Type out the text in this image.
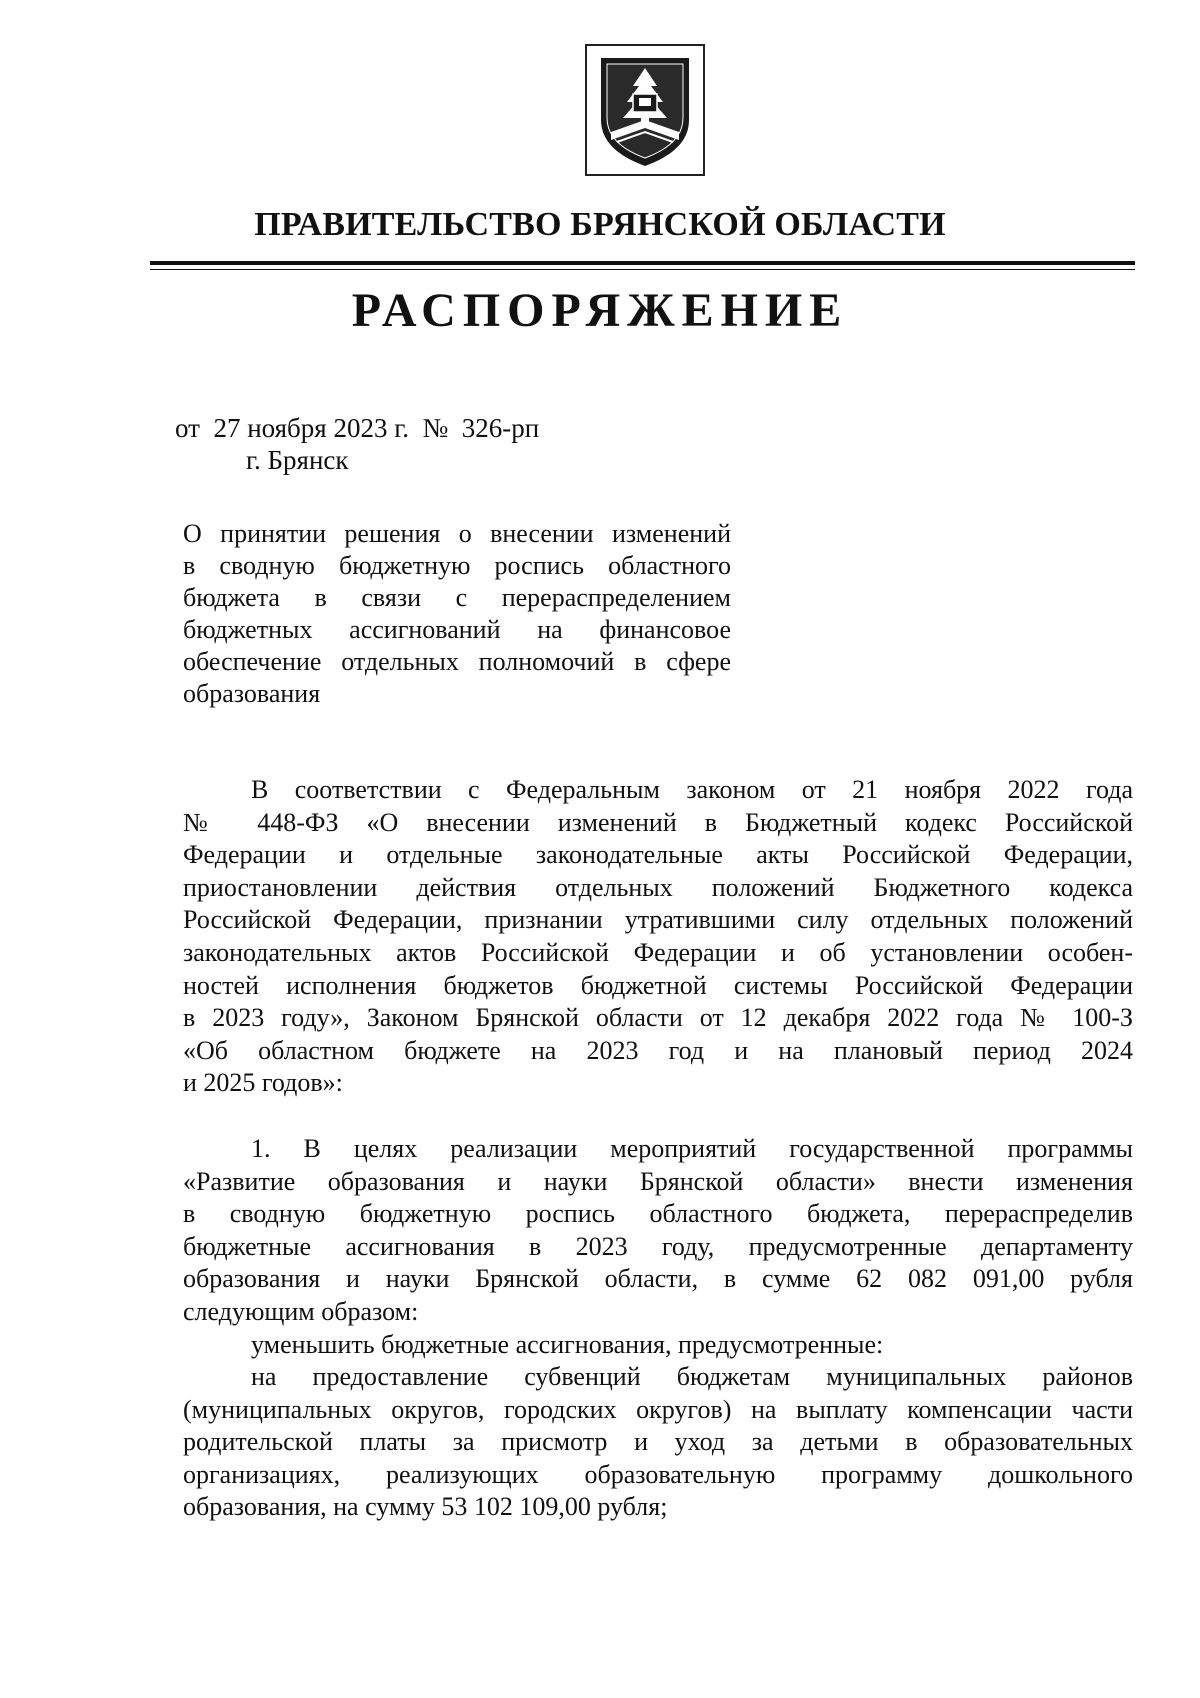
ПРАВИТЕЛЬСТВО БРЯНСКОЙ ОБЛАСТИ
РАСПОРЯЖЕНИЕ
от  27 ноября 2023 г.  №  326-рп
г. Брянск
О принятии решения о внесении изменений
в сводную бюджетную роспись областного
бюджета в связи с перераспределением
бюджетных ассигнований на финансовое
обеспечение отдельных полномочий в сфере
образования
В соответствии с Федеральным законом от 21 ноября 2022 года
№ 448-ФЗ «О внесении изменений в Бюджетный кодекс Российской
Федерации и отдельные законодательные акты Российской Федерации,
приостановлении действия отдельных положений Бюджетного кодекса
Российской Федерации, признании утратившими силу отдельных положений
законодательных актов Российской Федерации и об установлении особен-
ностей исполнения бюджетов бюджетной системы Российской Федерации
в 2023 году», Законом Брянской области от 12 декабря 2022 года № 100-З
«Об областном бюджете на 2023 год и на плановый период 2024
и 2025 годов»:
1. В целях реализации мероприятий государственной программы
«Развитие образования и науки Брянской области» внести изменения
в сводную бюджетную роспись областного бюджета, перераспределив
бюджетные ассигнования в 2023 году, предусмотренные департаменту
образования и науки Брянской области, в сумме 62 082 091,00 рубля
следующим образом:
уменьшить бюджетные ассигнования, предусмотренные:
на предоставление субвенций бюджетам муниципальных районов
(муниципальных округов, городских округов) на выплату компенсации части
родительской платы за присмотр и уход за детьми в образовательных
организациях, реализующих образовательную программу дошкольного
образования, на сумму 53 102 109,00 рубля;
